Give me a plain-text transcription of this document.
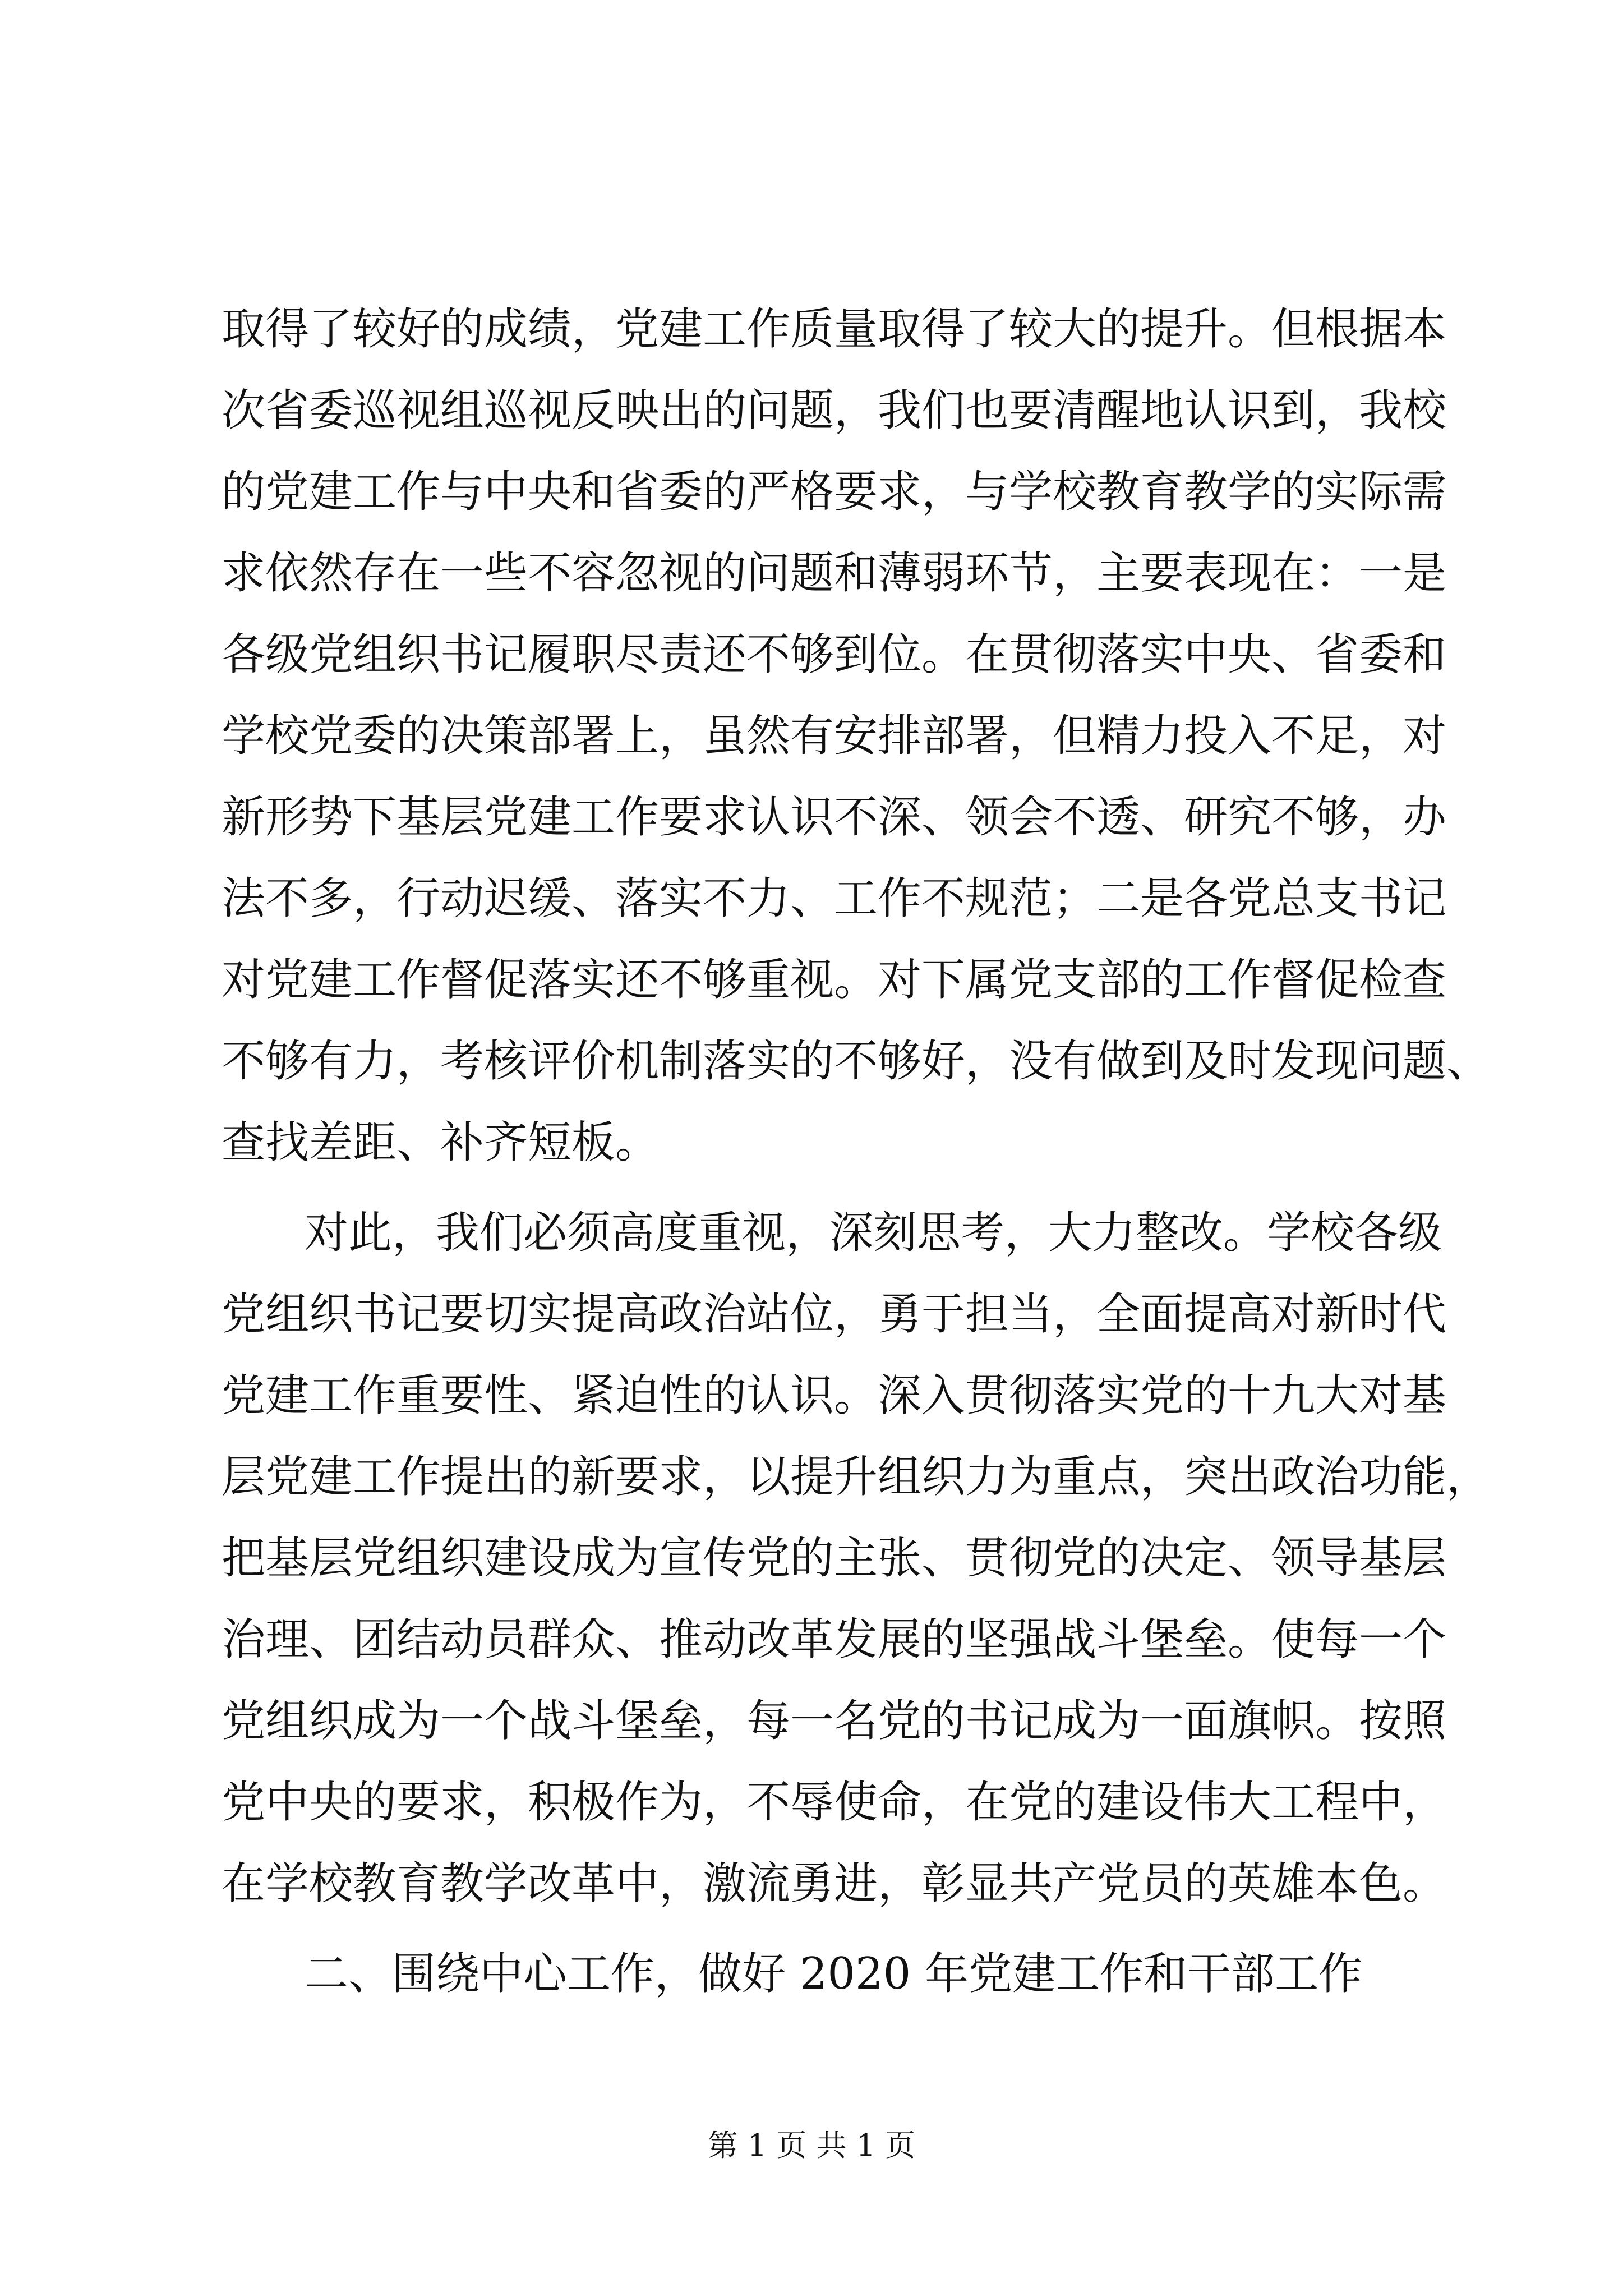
取得了较好的成绩，党建工作质量取得了较大的提升。但根据本
次省委巡视组巡视反映出的问题，我们也要清醒地认识到，我校
的党建工作与中央和省委的严格要求，与学校教育教学的实际需
求依然存在一些不容忽视的问题和薄弱环节，主要表现在：一是
各级党组织书记履职尽责还不够到位。在贯彻落实中央、省委和
学校党委的决策部署上，虽然有安排部署，但精力投入不足，对
新形势下基层党建工作要求认识不深、领会不透、研究不够，办
法不多，行动迟缓、落实不力、工作不规范；二是各党总支书记
对党建工作督促落实还不够重视。对下属党支部的工作督促检查
不够有力，考核评价机制落实的不够好，没有做到及时发现问题、
查找差距、补齐短板。
对此，我们必须高度重视，深刻思考，大力整改。学校各级
党组织书记要切实提高政治站位，勇于担当，全面提高对新时代
党建工作重要性、紧迫性的认识。深入贯彻落实党的十九大对基
层党建工作提出的新要求，以提升组织力为重点，突出政治功能，
把基层党组织建设成为宣传党的主张、贯彻党的决定、领导基层
治理、团结动员群众、推动改革发展的坚强战斗堡垒。使每一个
党组织成为一个战斗堡垒，每一名党的书记成为一面旗帜。按照
党中央的要求，积极作为，不辱使命，在党的建设伟大工程中，
在学校教育教学改革中，激流勇进，彰显共产党员的英雄本色。
二、围绕中心工作，做好 2020 年党建工作和干部工作
第 1 页 共 1 页
